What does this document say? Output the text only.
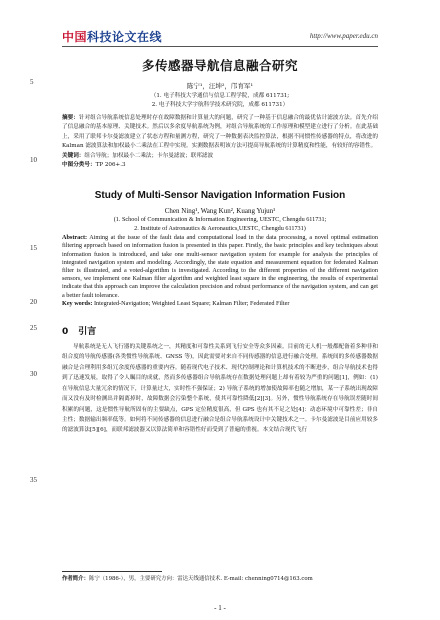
中国科技论文在线	http://www.paper.edu.cn
5
10
15
20
25
30
35
多传感器导航信息融合研究
陈宁¹，汪坤²，邝育军¹
（1. 电子科技大学通信与信息工程学院，成都 611731;
2. 电子科技大学宇航科学技术研究院，成都 611731）
摘要：针对组合导航系统信息处理时存在故障数据和计算量大的问题，研究了一种基于信息融合的最优估计滤波方法。首先介绍了信息融合的基本原理、关键技术。然后以多余度导航系统为例，对组合导航系统的工作原理和模型建立进行了分析。在此基础上，采用了联邦卡尔曼滤波建立了状态方程和量测方程，研究了一种数据表决监控算法，根据不同惯性传感器的特点，将改进的 Kalman 滤波算法和加权最小二乘法在工程中实现。实测数据表明该方法可提高导航系统的计算精度和性能，有较好的容错性。
关键词：组合导航；加权最小二乘法；卡尔曼滤波；联邦滤波
中图分类号：TP 206+.3
Study of Multi-Sensor Navigation Information Fusion
Chen Ning¹, Wang Kun², Kuang Yujun¹
(1. School of Communication & Information Engineering, UESTC, Chengdu 611731;
2. Institute of Astronautics & Aeronautics,UESTC, Chengdu 611731)
Abstract: Aiming at the issue of the fault data and computational load in the data processing, a novel optimal estimation filtering approach based on information fusion is presented in this paper. Firstly, the basic principles and key techniques about information fusion is introduced, and take one multi-sensor navigation system for example for analysis the principles of integrated navigation system and modeling. Accordingly, the state equation and measurement equation for federated Kalman filter is illustrated, and a voted-algorithm is investigated. According to the different properties of the different navigation sensors, we implement one Kalman filter algorithm and weighted least square in the engineering, the results of experimental indicate that this approach can improve the calculation precision and robust performance of the navigation system, and can get a better fault tolerance.
Key words: Integrated-Navigation; Weighted Least Square; Kalman Filter; Federated Filter
0 引言
导航系统是无人飞行器的关键系统之一，其精度和可靠性关系到飞行安全等众多因素。目前的无人机一般都配备着多种非和组合度的导航传感器(各类惯性导航系统、GNSS 等)，因此需要对来自不同传感器的信息进行融合处理。系统间的多传感器数据融合是合理利用多组冗余度传感器的重要内容。随着现代电子技术、现代控制理论和计算机技术的不断进步，组合导航技术也得到了迅速发展，取得了令人瞩目的成就，然而多传感器组合导航系统存在数据处理问题上却有着较为严重的问题[1]，例如：(1) 在导航信息大量冗余的情况下，计算量过大，实时性不强保证；2) 导航子系统的增加使故障率也随之增加，某一子系统出现故障而又没有及时检测出并隔离掉时，故障数据会污染整个系统，使其可靠性降低[2][3]。另外，惯性导航系统存在导航误差随时间积累的问题，这是惯性导航所固有的主要缺点，GPS 定位精度很高，但 GPS 也有其不足之处[4]：动态环境中可靠性差；非自主性；数据输出频率低等。如何将不同传感器的信息进行融合是组合导航系统设计中关键技术之一。卡尔曼滤波是目前应用较多的滤波算法[5][6]，而联邦滤波器又以算法简单和容错性好而受到了普遍的重视。本文结合现代飞行
作者简介：陈宁（1986-），男，主要研究方向：雷达天线通信技术. E-mail: chenning0714@163.com
- 1 -
